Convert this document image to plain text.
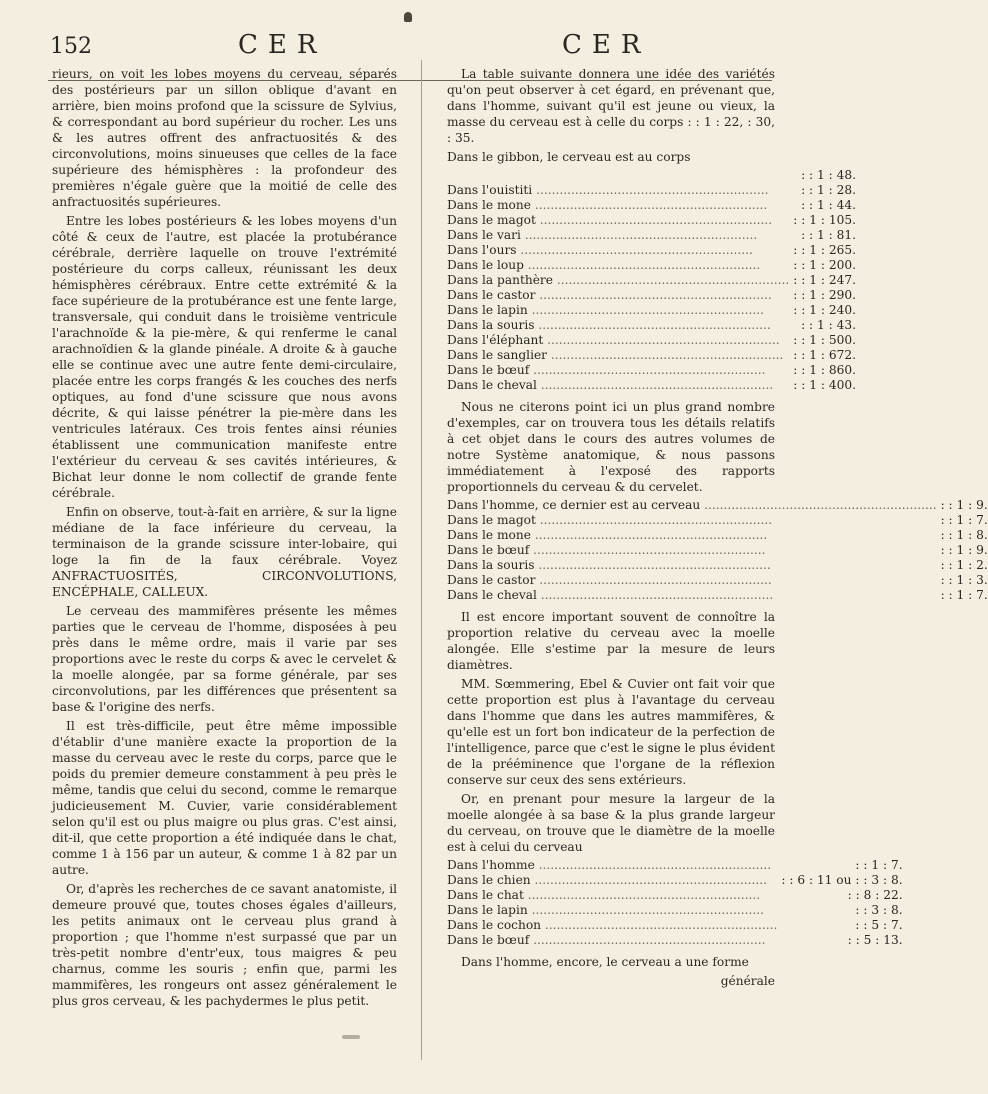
152	CER	CER

rieurs, on voit les lobes moyens du cerveau, séparés des postérieurs par un sillon oblique d'avant en arrière, bien moins profond que la scissure de Sylvius, & correspondant au bord supérieur du rocher. Les uns & les autres offrent des anfractuosités & des circonvolutions, moins sinueuses que celles de la face supérieure des hémisphères : la profondeur des premières n'égale guère que la moitié de celle des anfractuosités supérieures.

Entre les lobes postérieurs & les lobes moyens d'un côté & ceux de l'autre, est placée la protubérance cérébrale, derrière laquelle on trouve l'extrémité postérieure du corps calleux, réunissant les deux hémisphères cérébraux. Entre cette extrémité & la face supérieure de la protubérance est une fente large, transversale, qui conduit dans le troisième ventricule l'arachnoïde & la pie-mère, & qui renferme le canal arachnoïdien & la glande pinéale. A droite & à gauche elle se continue avec une autre fente demi-circulaire, placée entre les corps frangés & les couches des nerfs optiques, au fond d'une scissure que nous avons décrite, & qui laisse pénétrer la pie-mère dans les ventricules latéraux. Ces trois fentes ainsi réunies établissent une communication manifeste entre l'extérieur du cerveau & ses cavités intérieures, & Bichat leur donne le nom collectif de grande fente cérébrale.

Enfin on observe, tout-à-fait en arrière, & sur la ligne médiane de la face inférieure du cerveau, la terminaison de la grande scissure inter-lobaire, qui loge la fin de la faux cérébrale. Voyez ANFRACTUOSITÉS, CIRCONVOLUTIONS, ENCÉPHALE, CALLEUX.

Le cerveau des mammifères présente les mêmes parties que le cerveau de l'homme, disposées à peu près dans le même ordre, mais il varie par ses proportions avec le reste du corps & avec le cervelet & la moelle alongée, par sa forme générale, par ses circonvolutions, par les différences que présentent sa base & l'origine des nerfs.

Il est très-difficile, peut être même impossible d'établir d'une manière exacte la proportion de la masse du cerveau avec le reste du corps, parce que le poids du premier demeure constamment à peu près le même, tandis que celui du second, comme le remarque judicieusement M. Cuvier, varie considérablement selon qu'il est ou plus maigre ou plus gras. C'est ainsi, dit-il, que cette proportion a été indiquée dans le chat, comme 1 à 156 par un auteur, & comme 1 à 82 par un autre.

Or, d'après les recherches de ce savant anatomiste, il demeure prouvé que, toutes choses égales d'ailleurs, les petits animaux ont le cerveau plus grand à proportion ; que l'homme n'est surpassé que par un très-petit nombre d'entr'eux, tous maigres & peu charnus, comme les souris ; enfin que, parmi les mammifères, les rongeurs ont assez généralement le plus gros cerveau, & les pachydermes le plus petit.

La table suivante donnera une idée des variétés qu'on peut observer à cet égard, en prévenant que, dans l'homme, suivant qu'il est jeune ou vieux, la masse du cerveau est à celle du corps : : 1 : 22, : 30, : 35.

Dans le gibbon, le cerveau est au corps

	: : 1 : 48.
Dans l'ouistiti ............................................................	: : 1 : 28.
Dans le mone ............................................................	: : 1 : 44.
Dans le magot ............................................................	: : 1 : 105.
Dans le vari ............................................................	: : 1 : 81.
Dans l'ours ............................................................	: : 1 : 265.
Dans le loup ............................................................	: : 1 : 200.
Dans la panthère ............................................................	: : 1 : 247.
Dans le castor ............................................................	: : 1 : 290.
Dans le lapin ............................................................	: : 1 : 240.
Dans la souris ............................................................	: : 1 : 43.
Dans l'éléphant ............................................................	: : 1 : 500.
Dans le sanglier ............................................................	: : 1 : 672.
Dans le bœuf ............................................................	: : 1 : 860.
Dans le cheval ............................................................	: : 1 : 400.

Nous ne citerons point ici un plus grand nombre d'exemples, car on trouvera tous les détails relatifs à cet objet dans le cours des autres volumes de notre Système anatomique, & nous passons immédiatement à l'exposé des rapports proportionnels du cerveau & du cervelet.

Dans l'homme, ce dernier est au cerveau ............................................................	: : 1 : 9.
Dans le magot ............................................................	: : 1 : 7.
Dans le mone ............................................................	: : 1 : 8.
Dans le bœuf ............................................................	: : 1 : 9.
Dans la souris ............................................................	: : 1 : 2.
Dans le castor ............................................................	: : 1 : 3.
Dans le cheval ............................................................	: : 1 : 7.

Il est encore important souvent de connoître la proportion relative du cerveau avec la moelle alongée. Elle s'estime par la mesure de leurs diamètres.

MM. Sœmmering, Ebel & Cuvier ont fait voir que cette proportion est plus à l'avantage du cerveau dans l'homme que dans les autres mammifères, & qu'elle est un fort bon indicateur de la perfection de l'intelligence, parce que c'est le signe le plus évident de la prééminence que l'organe de la réflexion conserve sur ceux des sens extérieurs.

Or, en prenant pour mesure la largeur de la moelle alongée à sa base & la plus grande largeur du cerveau, on trouve que le diamètre de la moelle est à celui du cerveau

Dans l'homme ............................................................	: : 1 : 7.
Dans le chien ............................................................	: : 6 : 11 ou : : 3 : 8.
Dans le chat ............................................................	: : 8 : 22.
Dans le lapin ............................................................	: : 3 : 8.
Dans le cochon ............................................................	: : 5 : 7.
Dans le bœuf ............................................................	: : 5 : 13.

Dans l'homme, encore, le cerveau a une forme

générale
